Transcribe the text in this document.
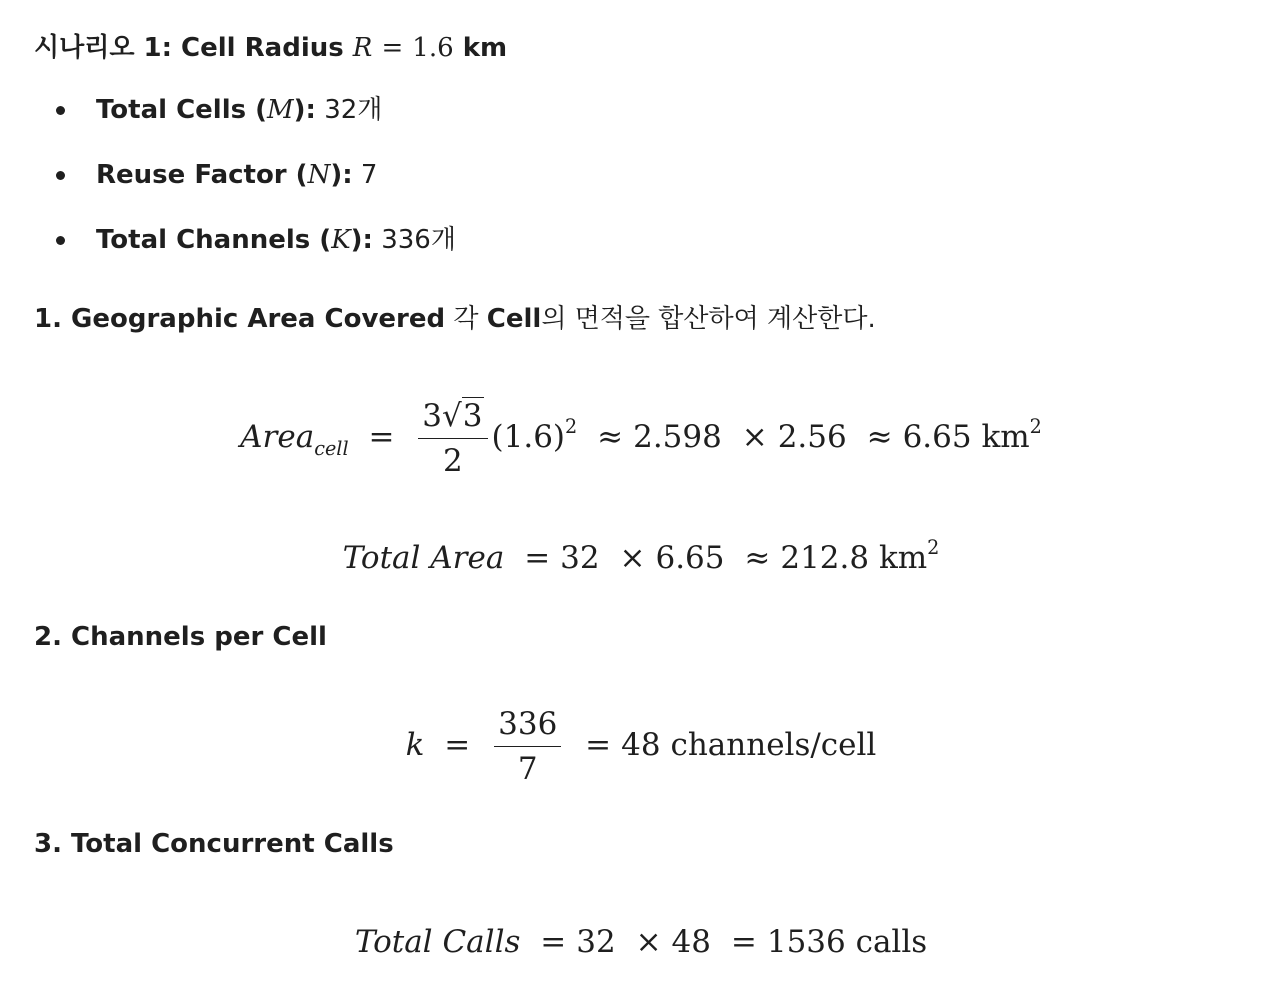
시나리오 1: Cell Radius R = 1.6 km
Total Cells (M): 32개
Reuse Factor (N): 7
Total Channels (K): 336개
1. Geographic Area Covered 각 Cell의 면적을 합산하여 계산한다.
Area$_{cell}$ = $\frac{3√3}{2} (1.6)^2 \approx 2.598 \times 2.56 \approx 6.65$ $km^2$
Total Area = 32 × 6.65 ≈ 212.8 $km^2$
2. Channels per Cell
$k = \frac{336}{7} = 48$ channels/cell
3. Total Concurrent Calls
Total Calls = 32 × 48 = 1536 calls
